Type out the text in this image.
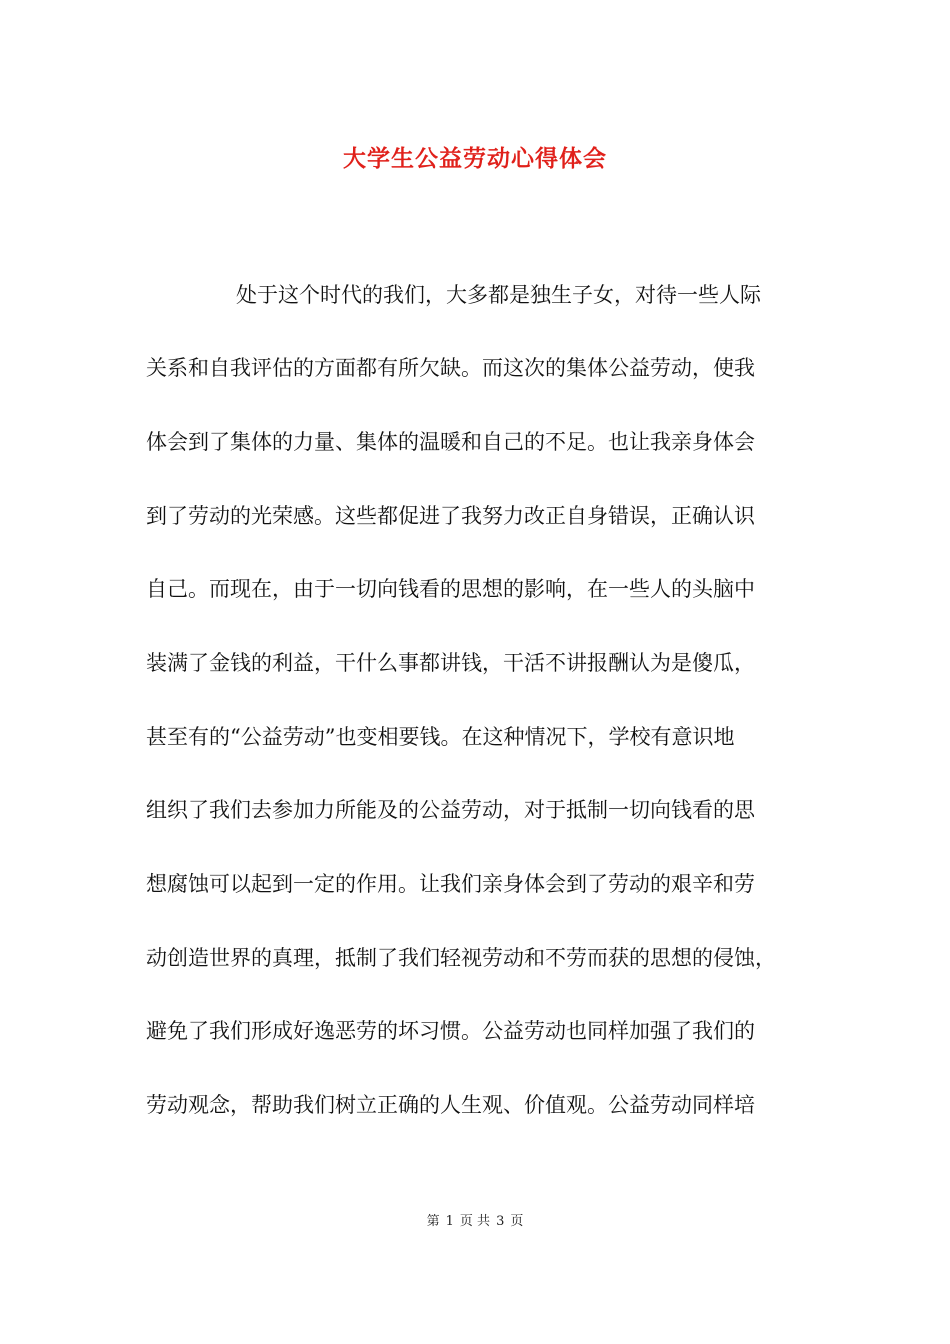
大学生公益劳动心得体会
处于这个时代的我们，大多都是独生子女，对待一些人际
关系和自我评估的方面都有所欠缺。而这次的集体公益劳动，使我
体会到了集体的力量、集体的温暖和自己的不足。也让我亲身体会
到了劳动的光荣感。这些都促进了我努力改正自身错误，正确认识
自己。而现在，由于一切向钱看的思想的影响，在一些人的头脑中
装满了金钱的利益，干什么事都讲钱，干活不讲报酬认为是傻瓜，
甚至有的“公益劳动”也变相要钱。在这种情况下，学校有意识地
组织了我们去参加力所能及的公益劳动，对于抵制一切向钱看的思
想腐蚀可以起到一定的作用。让我们亲身体会到了劳动的艰辛和劳
动创造世界的真理，抵制了我们轻视劳动和不劳而获的思想的侵蚀，
避免了我们形成好逸恶劳的坏习惯。公益劳动也同样加强了我们的
劳动观念，帮助我们树立正确的人生观、价值观。公益劳动同样培
第 1 页 共 3 页
